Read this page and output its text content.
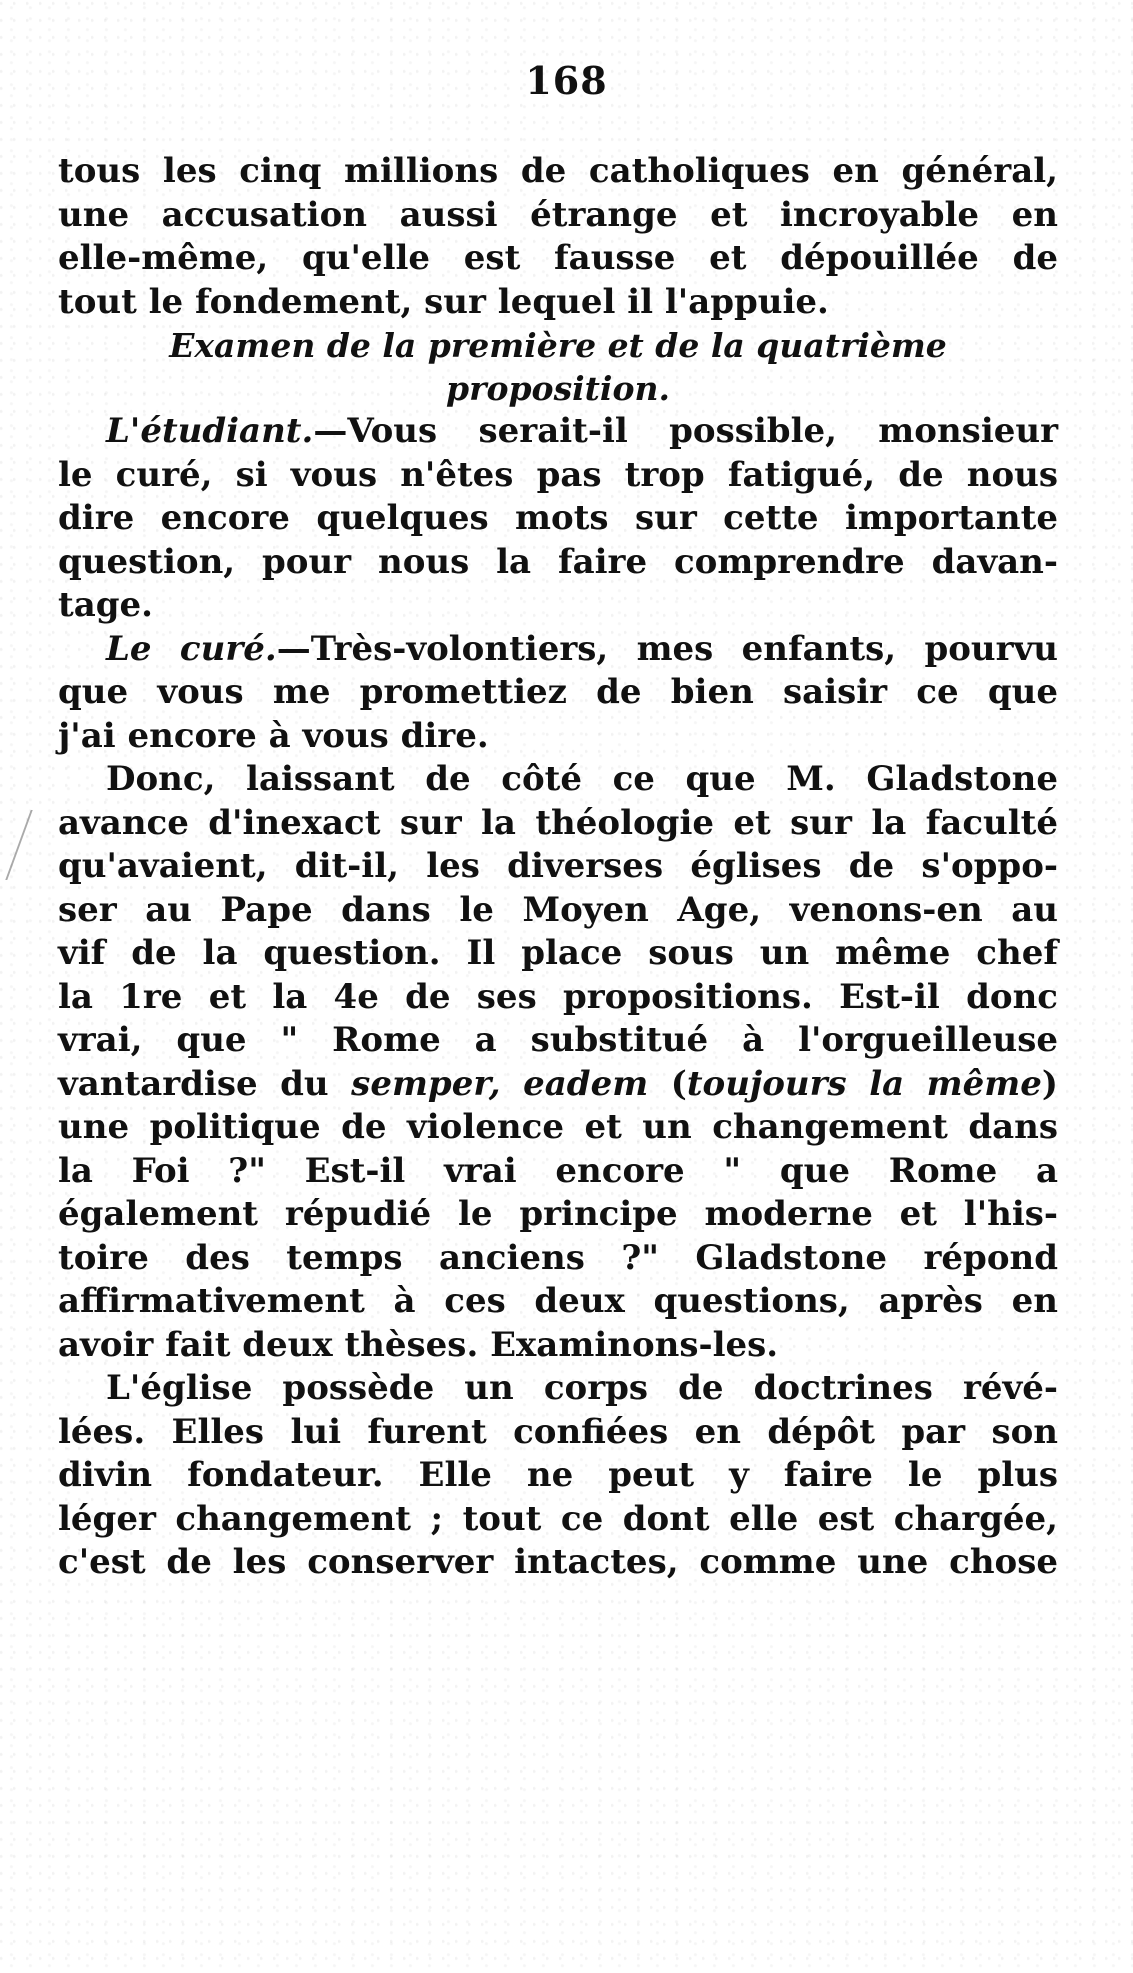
168
tous les cinq millions de catholiques en général,
une accusation aussi étrange et incroyable en
elle-même, qu'elle est fausse et dépouillée de
tout le fondement, sur lequel il l'appuie.
Examen de la première et de la quatrième
proposition.
L'étudiant.—Vous serait-il possible, monsieur
le curé, si vous n'êtes pas trop fatigué, de nous
dire encore quelques mots sur cette importante
question, pour nous la faire comprendre davan-
tage.
Le curé.—Très-volontiers, mes enfants, pourvu
que vous me promettiez de bien saisir ce que
j'ai encore à vous dire.
Donc, laissant de côté ce que M. Gladstone
avance d'inexact sur la théologie et sur la faculté
qu'avaient, dit-il, les diverses églises de s'oppo-
ser au Pape dans le Moyen Age, venons-en au
vif de la question. Il place sous un même chef
la 1re et la 4e de ses propositions. Est-il donc
vrai, que " Rome a substitué à l'orgueilleuse
vantardise du semper, eadem (toujours la même)
une politique de violence et un changement dans
la Foi ?" Est-il vrai encore " que Rome a
également répudié le principe moderne et l'his-
toire des temps anciens ?" Gladstone répond
affirmativement à ces deux questions, après en
avoir fait deux thèses. Examinons-les.
L'église possède un corps de doctrines révé-
lées. Elles lui furent confiées en dépôt par son
divin fondateur. Elle ne peut y faire le plus
léger changement ; tout ce dont elle est chargée,
c'est de les conserver intactes, comme une chose
